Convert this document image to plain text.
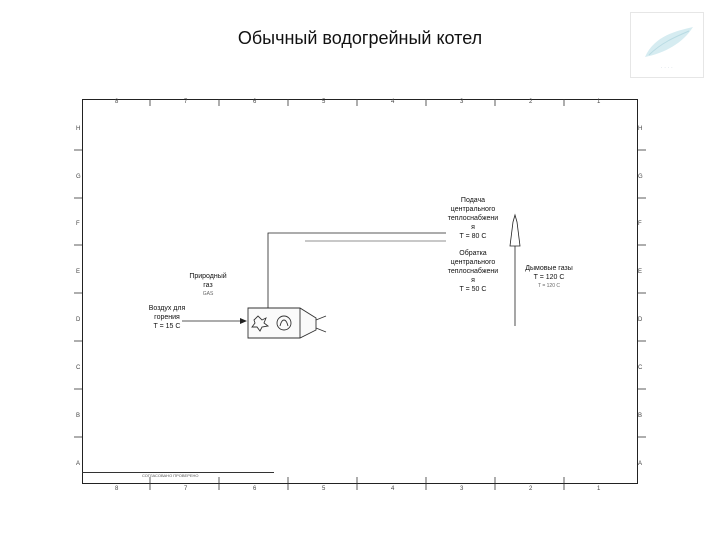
Обычный водогрейный котел
· · · ·
8	7	6	5	4	3	2	1
8	7	6	5	4	3	2	1
H
G
F
E
D
C
B
A
H
G
F
E
D
C
B
A
Природный
газ
GAS
Воздух для
горения
T = 15 C
Подача
центрального
теплоснабжени
я
T = 80 C
Обратка
центрального
теплоснабжени
я
T = 50 C
Дымовые газы
T = 120 C
T = 120 C
СОГЛАСОВАНО ПРОВЕРЕНО
